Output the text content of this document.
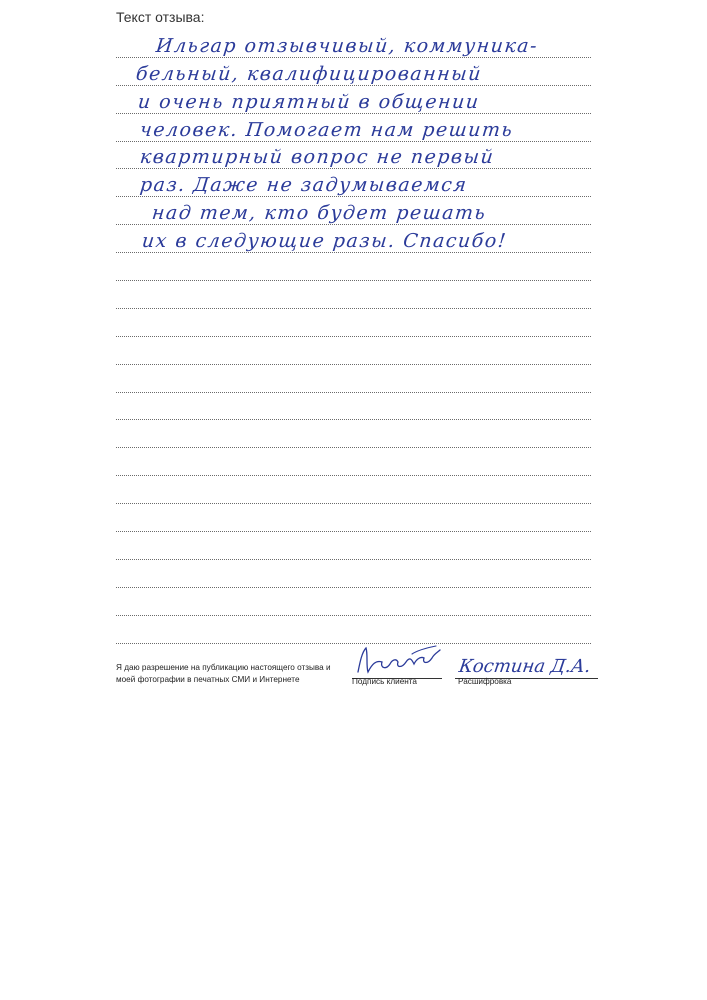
Текст отзыва:
Ильгар отзывчивый, коммуника-
бельный, квалифицированный
и очень приятный в общении
человек. Помогает нам решить
квартирный вопрос не первый
раз. Даже не задумываемся
над тем, кто будет решать
их в следующие разы. Спасибо!
Я даю разрешение на публикацию настоящего отзыва и моей фотографии в печатных СМИ и Интернете	Подпись клиента
Костина Д.А.
Расшифровка
